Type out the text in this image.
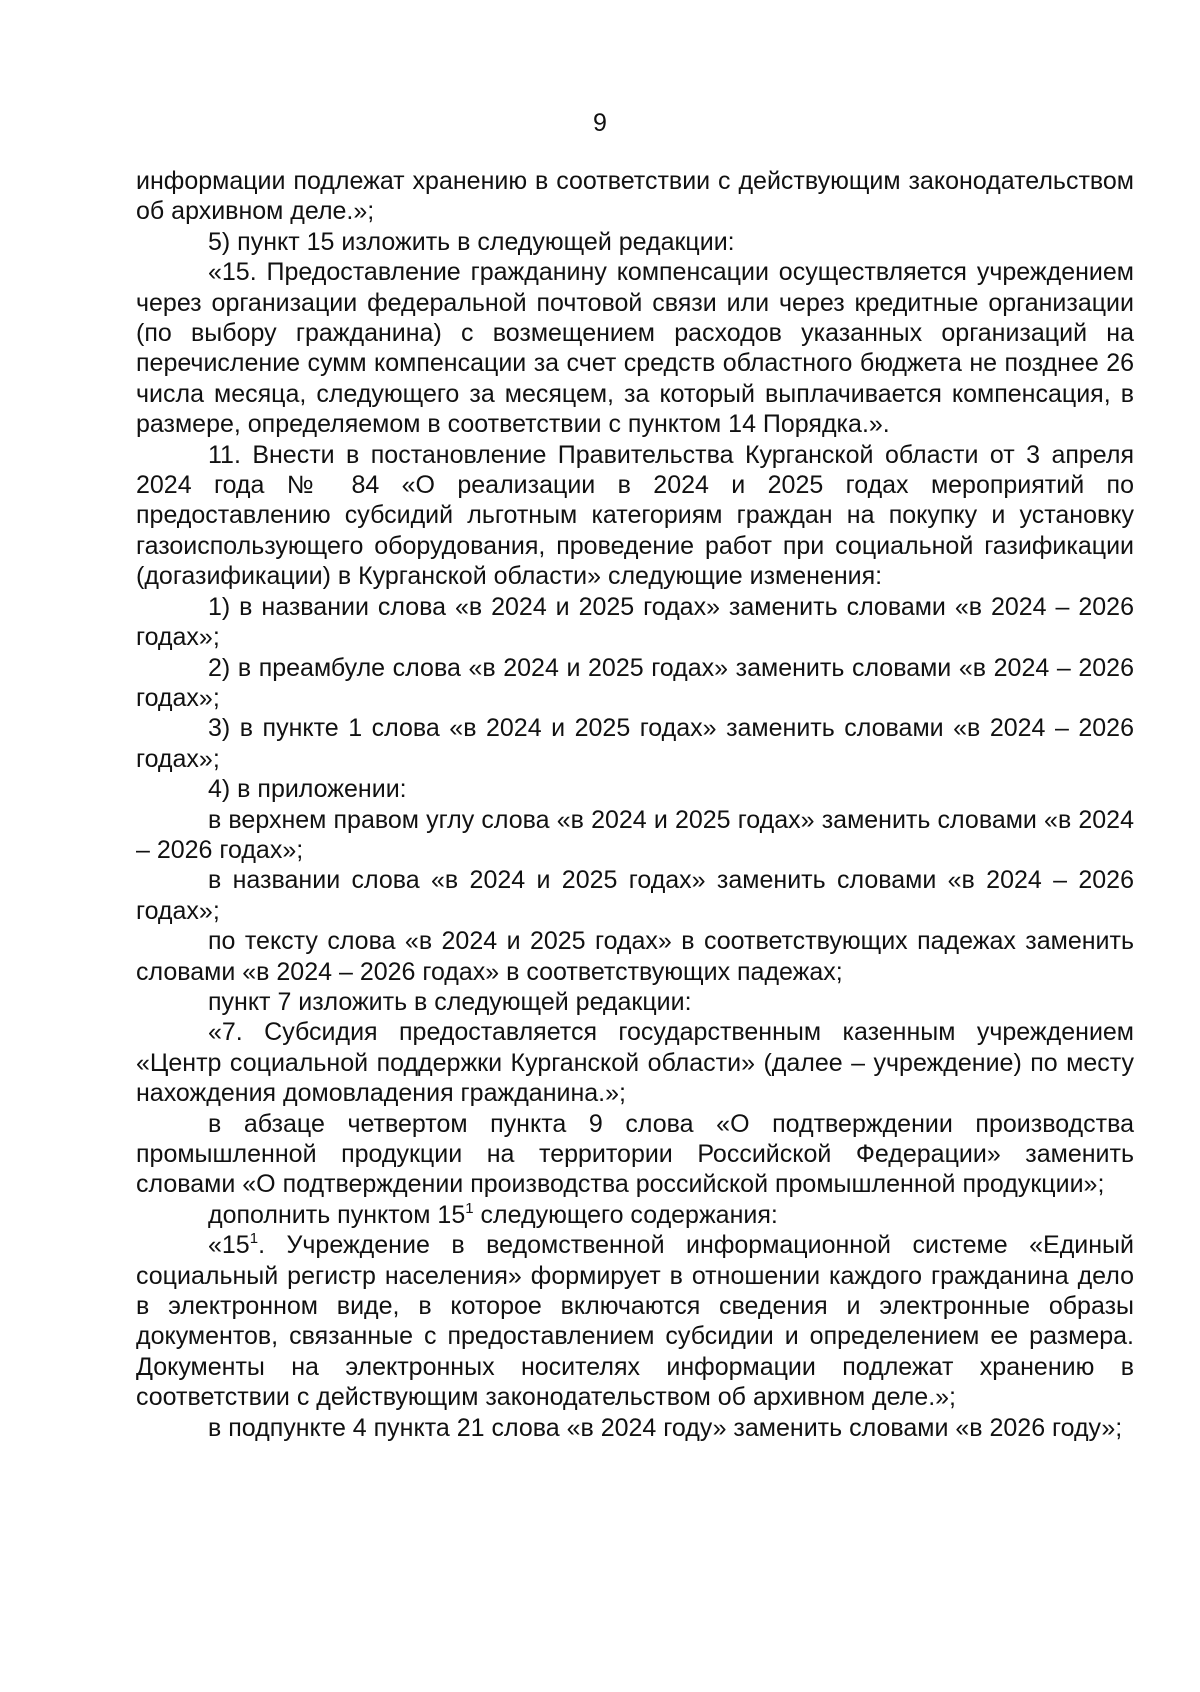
9

информации подлежат хранению в соответствии с действующим законодательством об архивном деле.»;

5) пункт 15 изложить в следующей редакции:

«15. Предоставление гражданину компенсации осуществляется учреждением через организации федеральной почтовой связи или через кредитные организации (по выбору гражданина) с возмещением расходов указанных организаций на перечисление сумм компенсации за счет средств областного бюджета не позднее 26 числа месяца, следующего за месяцем, за который выплачивается компенсация, в размере, определяемом в соответствии с пунктом 14 Порядка.».

11. Внести в постановление Правительства Курганской области от 3 апреля 2024 года № 84 «О реализации в 2024 и 2025 годах мероприятий по предоставлению субсидий льготным категориям граждан на покупку и установку газоиспользующего оборудования, проведение работ при социальной газификации (догазификации) в Курганской области» следующие изменения:

1) в названии слова «в 2024 и 2025 годах» заменить словами «в 2024 – 2026 годах»;

2) в преамбуле слова «в 2024 и 2025 годах» заменить словами «в 2024 – 2026 годах»;

3) в пункте 1 слова «в 2024 и 2025 годах» заменить словами «в 2024 – 2026 годах»;

4) в приложении:

в верхнем правом углу слова «в 2024 и 2025 годах» заменить словами «в 2024 – 2026 годах»;

в названии слова «в 2024 и 2025 годах» заменить словами «в 2024 – 2026 годах»;

по тексту слова «в 2024 и 2025 годах» в соответствующих падежах заменить словами «в 2024 – 2026 годах» в соответствующих падежах;

пункт 7 изложить в следующей редакции:

«7. Субсидия предоставляется государственным казенным учреждением «Центр социальной поддержки Курганской области» (далее – учреждение) по месту нахождения домовладения гражданина.»;

в абзаце четвертом пункта 9 слова «О подтверждении производства промышленной продукции на территории Российской Федерации» заменить словами «О подтверждении производства российской промышленной продукции»;

дополнить пунктом $15^1$ следующего содержания:

«$15^1$. Учреждение в ведомственной информационной системе «Единый социальный регистр населения» формирует в отношении каждого гражданина дело в электронном виде, в которое включаются сведения и электронные образы документов, связанные с предоставлением субсидии и определением ее размера. Документы на электронных носителях информации подлежат хранению в соответствии с действующим законодательством об архивном деле.»;

в подпункте 4 пункта 21 слова «в 2024 году» заменить словами «в 2026 году»;
